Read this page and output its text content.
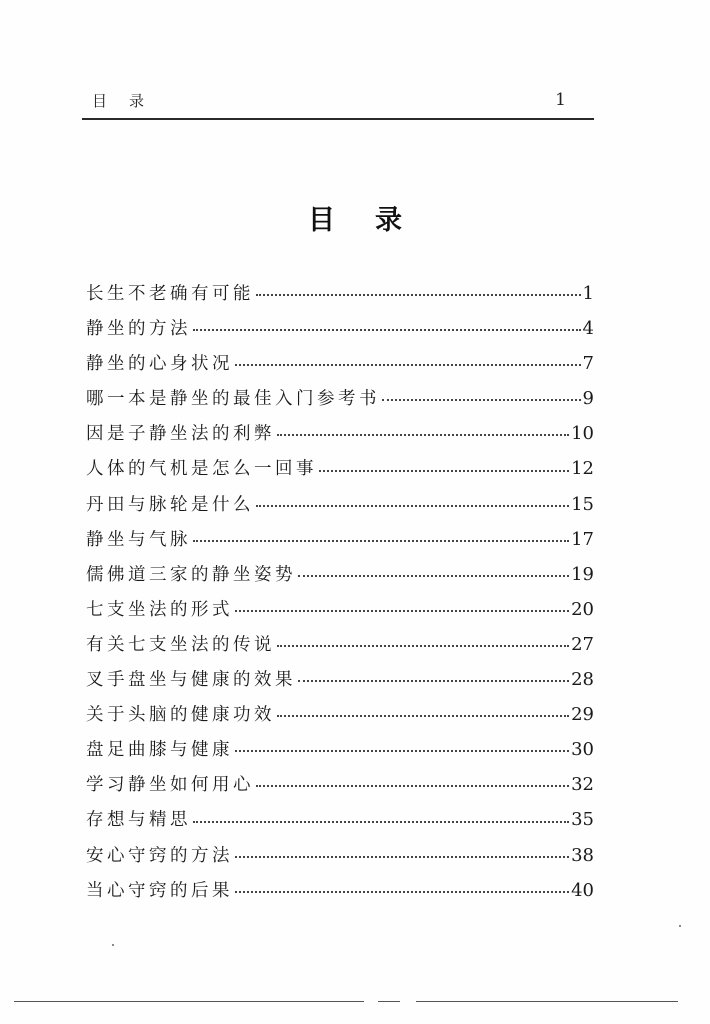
目录	1
目录
长生不老确有可能	1
静坐的方法	4
静坐的心身状况	7
哪一本是静坐的最佳入门参考书	9
因是子静坐法的利弊	10
人体的气机是怎么一回事	12
丹田与脉轮是什么	15
静坐与气脉	17
儒佛道三家的静坐姿势	19
七支坐法的形式	20
有关七支坐法的传说	27
叉手盘坐与健康的效果	28
关于头脑的健康功效	29
盘足曲膝与健康	30
学习静坐如何用心	32
存想与精思	35
安心守窍的方法	38
当心守窍的后果	40
